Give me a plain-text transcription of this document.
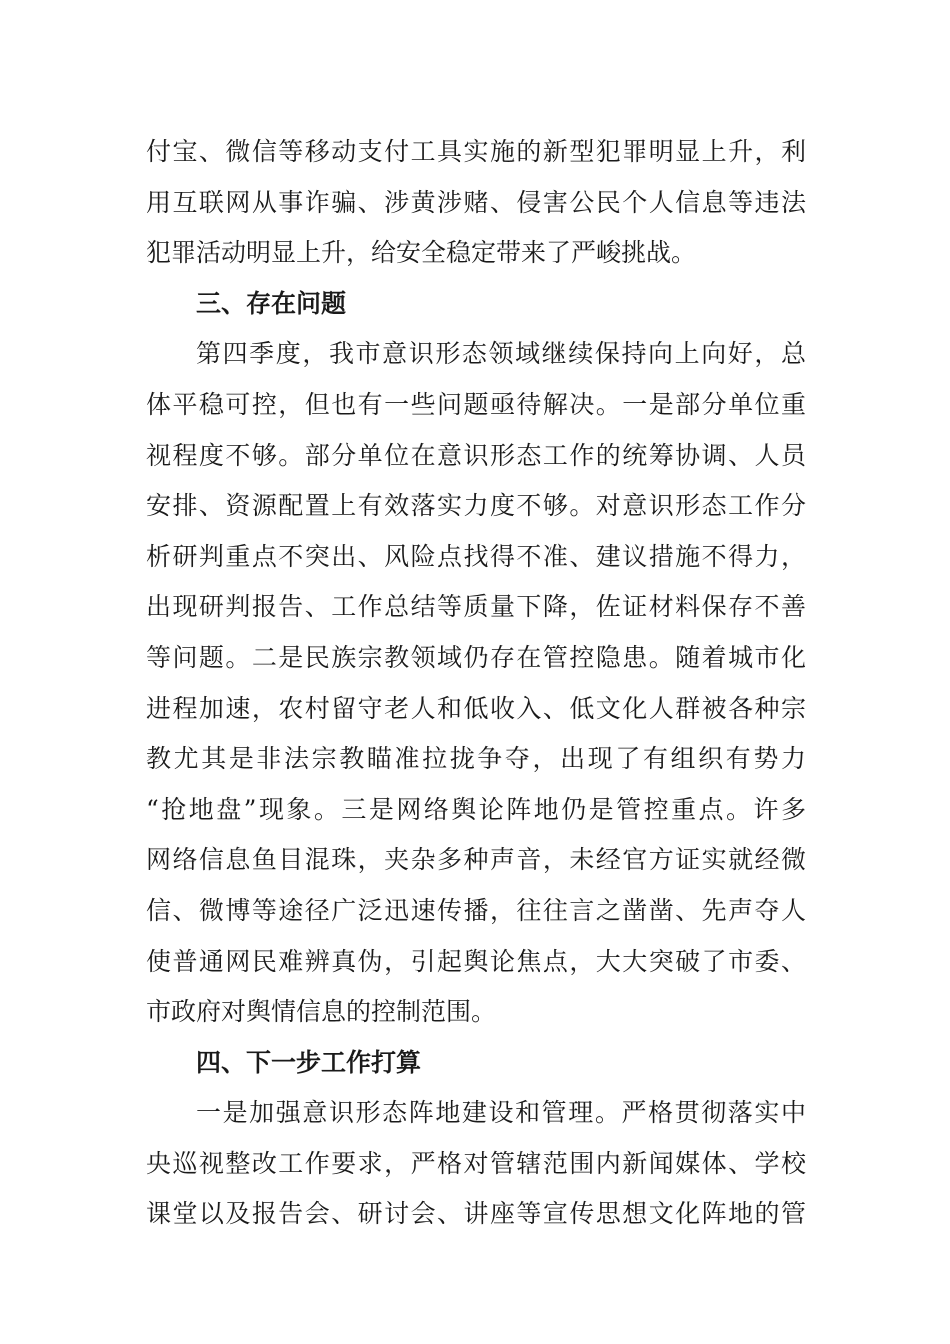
付宝、微信等移动支付工具实施的新型犯罪明显上升，利
用互联网从事诈骗、涉黄涉赌、侵害公民个人信息等违法
犯罪活动明显上升，给安全稳定带来了严峻挑战。
三、存在问题
第四季度，我市意识形态领域继续保持向上向好，总
体平稳可控，但也有一些问题亟待解决。一是部分单位重
视程度不够。部分单位在意识形态工作的统筹协调、人员
安排、资源配置上有效落实力度不够。对意识形态工作分
析研判重点不突出、风险点找得不准、建议措施不得力，
出现研判报告、工作总结等质量下降，佐证材料保存不善
等问题。二是民族宗教领域仍存在管控隐患。随着城市化
进程加速，农村留守老人和低收入、低文化人群被各种宗
教尤其是非法宗教瞄准拉拢争夺，出现了有组织有势力
“抢地盘”现象。三是网络舆论阵地仍是管控重点。许多
网络信息鱼目混珠，夹杂多种声音，未经官方证实就经微
信、微博等途径广泛迅速传播，往往言之凿凿、先声夺人
使普通网民难辨真伪，引起舆论焦点，大大突破了市委、
市政府对舆情信息的控制范围。
四、下一步工作打算
一是加强意识形态阵地建设和管理。严格贯彻落实中
央巡视整改工作要求，严格对管辖范围内新闻媒体、学校
课堂以及报告会、研讨会、讲座等宣传思想文化阵地的管
